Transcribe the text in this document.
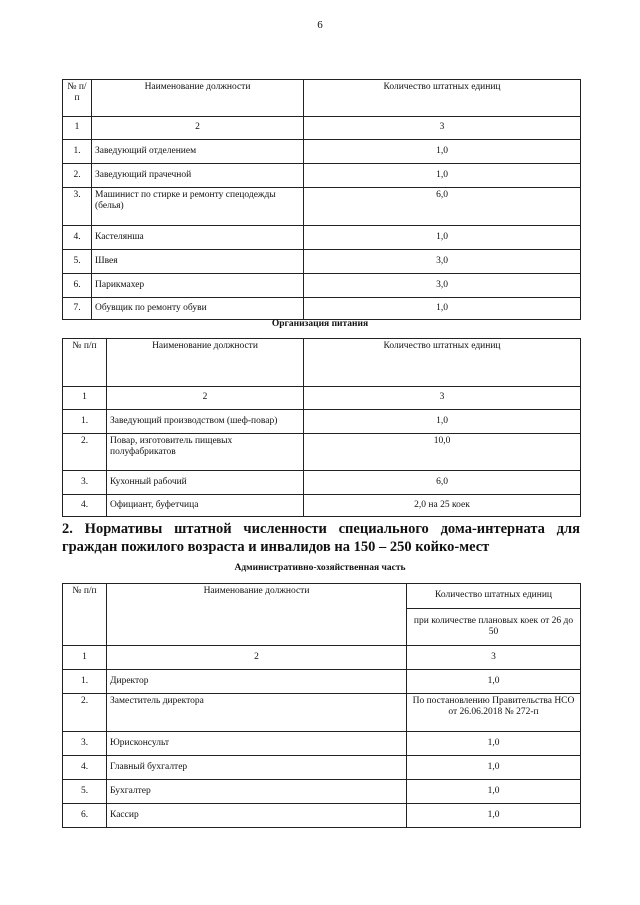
6
№ п/п	Наименование должности	Количество штатных единиц
1	2	3
1.	Заведующий отделением	1,0
2.	Заведующий прачечной	1,0
3.	Машинист по стирке и ремонту спецодежды (белья)	6,0
4.	Кастелянша	1,0
5.	Швея	3,0
6.	Парикмахер	3,0
7.	Обувщик по ремонту обуви	1,0
Организация питания
№ п/п	Наименование должности	Количество штатных единиц
1	2	3
1.	Заведующий производством (шеф-повар)	1,0
2.	Повар, изготовитель пищевых полуфабрикатов	10,0
3.	Кухонный рабочий	6,0
4.	Официант, буфетчица	2,0 на 25 коек
2. Нормативы штатной численности специального дома-интерната для граждан пожилого возраста и инвалидов на 150 – 250 койко-мест
Административно-хозяйственная часть
№ п/п	Наименование должности	Количество штатных единиц
		при количестве плановых коек от 26 до 50
1	2	3
1.	Директор	1,0
2.	Заместитель директора	По постановлению Правительства НСО от 26.06.2018 № 272-п
3.	Юрисконсульт	1,0
4.	Главный бухгалтер	1,0
5.	Бухгалтер	1,0
6.	Кассир	1,0
